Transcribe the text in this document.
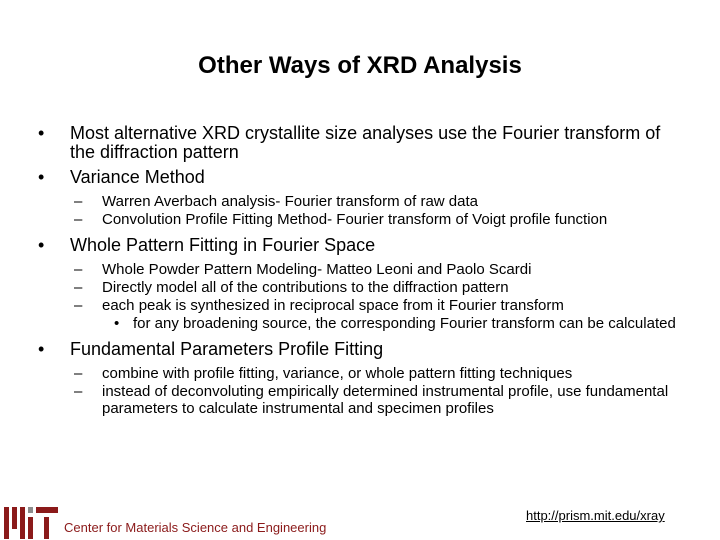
Other Ways of XRD Analysis
• Most alternative XRD crystallite size analyses use the Fourier transform of the diffraction pattern
• Variance Method
– Warren Averbach analysis- Fourier transform of raw data
– Convolution Profile Fitting Method- Fourier transform of Voigt profile function
• Whole Pattern Fitting in Fourier Space
– Whole Powder Pattern Modeling- Matteo Leoni and Paolo Scardi
– Directly model all of the contributions to the diffraction pattern
– each peak is synthesized in reciprocal space from it Fourier transform
• for any broadening source, the corresponding Fourier transform can be calculated
• Fundamental Parameters Profile Fitting
– combine with profile fitting, variance, or whole pattern fitting techniques
– instead of deconvoluting empirically determined instrumental profile, use fundamental parameters to calculate instrumental and specimen profiles
Center for Materials Science and Engineering
http://prism.mit.edu/xray
